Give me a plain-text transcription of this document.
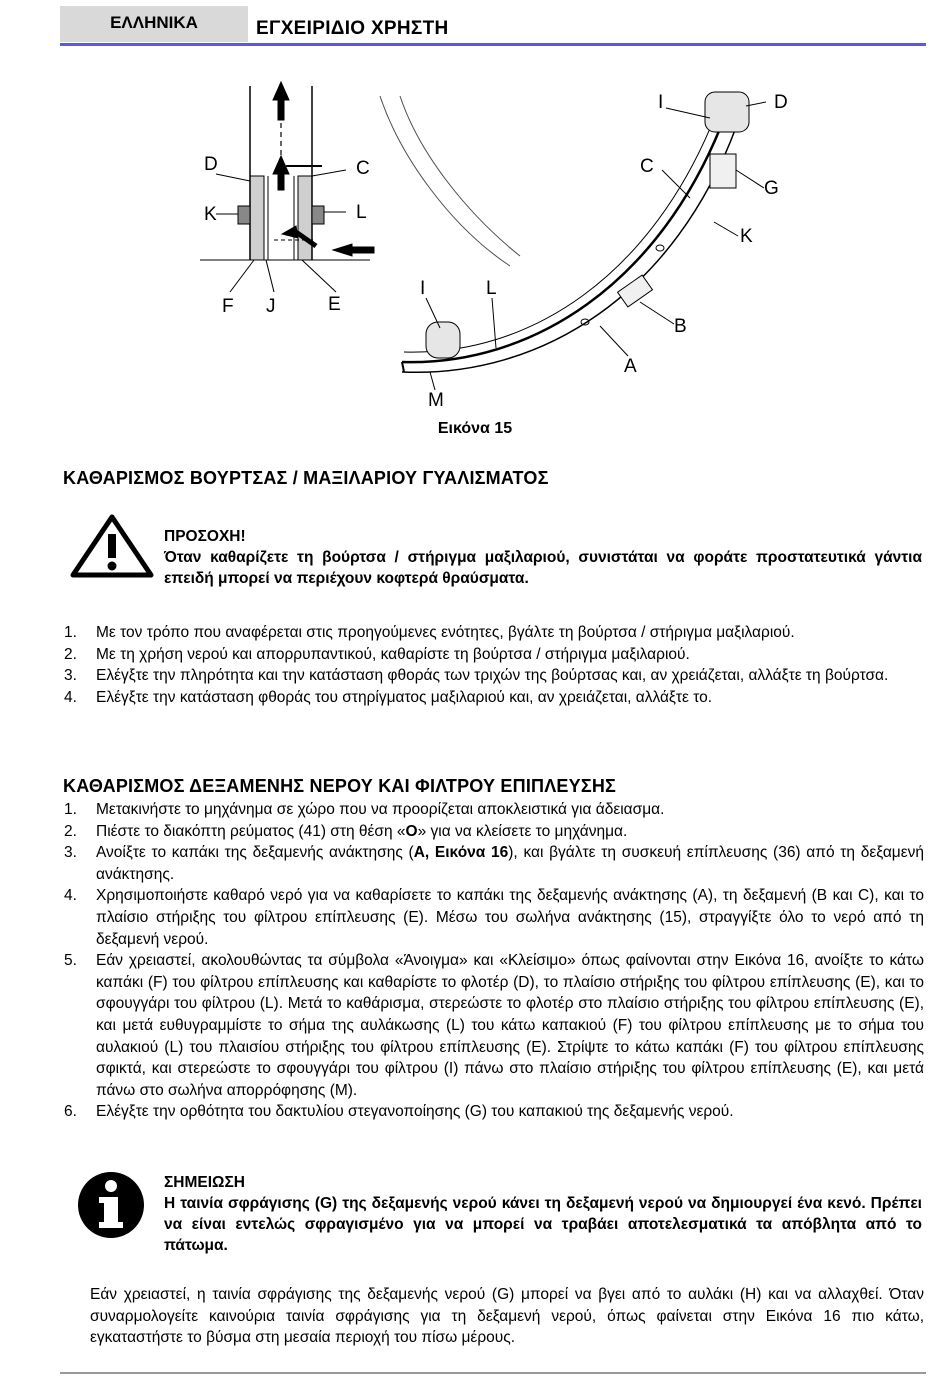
ΕΛΛΗΝΙΚΑ	ΕΓΧΕΙΡΙΔΙΟ ΧΡΗΣΤΗ
D	C
K	L
F J	E
I	D
C
G
K
I	L
B
A
M
Εικόνα 15
ΚΑΘΑΡΙΣΜΟΣ ΒΟΥΡΤΣΑΣ / ΜΑΞΙΛΑΡΙΟΥ ΓΥΑΛΙΣΜΑΤΟΣ
ΠΡΟΣΟΧΗ!
Όταν καθαρίζετε τη βούρτσα / στήριγμα μαξιλαριού, συνιστάται να φοράτε προστατευτικά γάντια επειδή μπορεί να περιέχουν κοφτερά θραύσματα.
1. Με τον τρόπο που αναφέρεται στις προηγούμενες ενότητες, βγάλτε τη βούρτσα / στήριγμα μαξιλαριού.
2. Με τη χρήση νερού και απορρυπαντικού, καθαρίστε τη βούρτσα / στήριγμα μαξιλαριού.
3. Ελέγξτε την πληρότητα και την κατάσταση φθοράς των τριχών της βούρτσας και, αν χρειάζεται, αλλάξτε τη βούρτσα.
4. Ελέγξτε την κατάσταση φθοράς του στηρίγματος μαξιλαριού και, αν χρειάζεται, αλλάξτε το.
ΚΑΘΑΡΙΣΜΟΣ ΔΕΞΑΜΕΝΗΣ ΝΕΡΟΥ ΚΑΙ ΦΙΛΤΡΟΥ ΕΠΙΠΛΕΥΣΗΣ
1. Μετακινήστε το μηχάνημα σε χώρο που να προορίζεται αποκλειστικά για άδειασμα.
2. Πιέστε το διακόπτη ρεύματος (41) στη θέση «O» για να κλείσετε το μηχάνημα.
3. Ανοίξτε το καπάκι της δεξαμενής ανάκτησης (A, Εικόνα 16), και βγάλτε τη συσκευή επίπλευσης (36) από τη δεξαμενή ανάκτησης.
4. Χρησιμοποιήστε καθαρό νερό για να καθαρίσετε το καπάκι της δεξαμενής ανάκτησης (A), τη δεξαμενή (B και C), και το πλαίσιο στήριξης του φίλτρου επίπλευσης (E). Μέσω του σωλήνα ανάκτησης (15), στραγγίξτε όλο το νερό από τη δεξαμενή νερού.
5. Εάν χρειαστεί, ακολουθώντας τα σύμβολα «Άνοιγμα» και «Κλείσιμο» όπως φαίνονται στην Εικόνα 16, ανοίξτε το κάτω καπάκι (F) του φίλτρου επίπλευσης και καθαρίστε το φλοτέρ (D), το πλαίσιο στήριξης του φίλτρου επίπλευσης (E), και το σφουγγάρι του φίλτρου (L). Μετά το καθάρισμα, στερεώστε το φλοτέρ στο πλαίσιο στήριξης του φίλτρου επίπλευσης (E), και μετά ευθυγραμμίστε το σήμα της αυλάκωσης (L) του κάτω καπακιού (F) του φίλτρου επίπλευσης με το σήμα του αυλακιού (L) του πλαισίου στήριξης του φίλτρου επίπλευσης (E). Στρίψτε το κάτω καπάκι (F) του φίλτρου επίπλευσης σφικτά, και στερεώστε το σφουγγάρι του φίλτρου (I) πάνω στο πλαίσιο στήριξης του φίλτρου επίπλευσης (E), και μετά πάνω στο σωλήνα απορρόφησης (M).
6. Ελέγξτε την ορθότητα του δακτυλίου στεγανοποίησης (G) του καπακιού της δεξαμενής νερού.
ΣΗΜΕΙΩΣΗ
Η ταινία σφράγισης (G) της δεξαμενής νερού κάνει τη δεξαμενή νερού να δημιουργεί ένα κενό. Πρέπει να είναι εντελώς σφραγισμένο για να μπορεί να τραβάει αποτελεσματικά τα απόβλητα από το πάτωμα.
Εάν χρειαστεί, η ταινία σφράγισης της δεξαμενής νερού (G) μπορεί να βγει από το αυλάκι (H) και να αλλαχθεί. Όταν συναρμολογείτε καινούρια ταινία σφράγισης για τη δεξαμενή νερού, όπως φαίνεται στην Εικόνα 16 πιο κάτω, εγκαταστήστε το βύσμα στη μεσαία περιοχή του πίσω μέρους.
